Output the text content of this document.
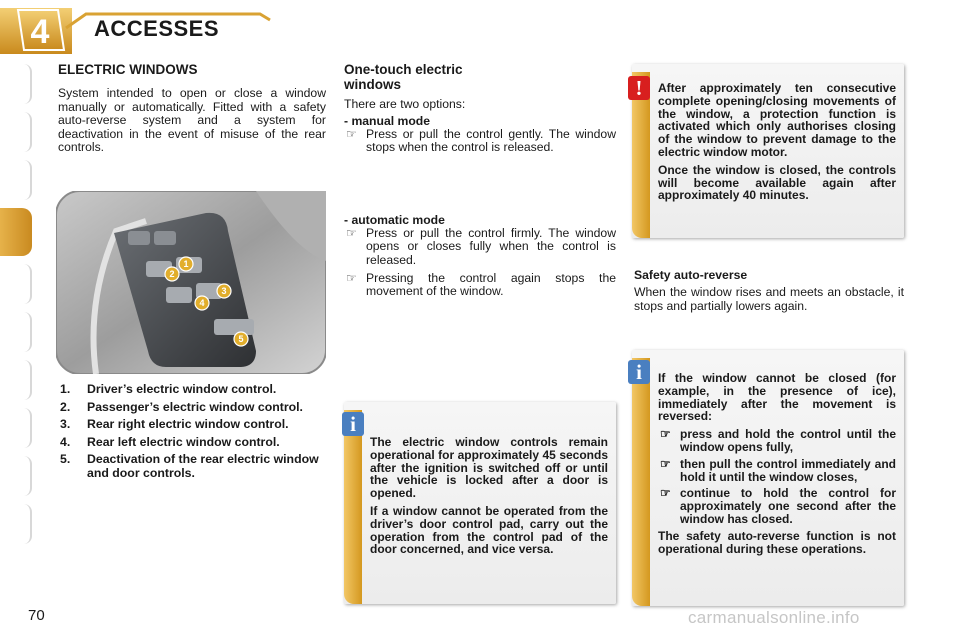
4	ACCESSES
ELECTRIC WINDOWS
System intended to open or close a window manually or automatically. Fitted with a safety auto-reverse system and a system for deactivation in the event of misuse of the rear controls.
1
2
3
4
5
1. Driver’s electric window control.
2. Passenger’s electric window control.
3. Rear right electric window control.
4. Rear left electric window control.
5. Deactivation of the rear electric window and door controls.
One-touch electric windows
There are two options:
- manual mode
☞ Press or pull the control gently. The window stops when the control is released.
- automatic mode
☞ Press or pull the control firmly. The window opens or closes fully when the control is released.
☞ Pressing the control again stops the movement of the window.

The electric window controls remain operational for approximately 45 seconds after the ignition is switched off or until the vehicle is locked after a door is opened.

If a window cannot be operated from the driver’s door control pad, carry out the operation from the control pad of the door concerned, and vice versa.

i

After approximately ten consecutive complete opening/closing movements of the window, a protection function is activated which only authorises closing of the window to prevent damage to the electric window motor.

Once the window is closed, the controls will become available again after approximately 40 minutes.

!
Safety auto-reverse
When the window rises and meets an obstacle, it stops and partially lowers again.

If the window cannot be closed (for example, in the presence of ice), immediately after the movement is reversed:

☞ press and hold the control until the window opens fully,
☞ then pull the control immediately and hold it until the window closes,
☞ continue to hold the control for approximately one second after the window has closed.

The safety auto-reverse function is not operational during these operations.

i
70	carmanualsonline.info
